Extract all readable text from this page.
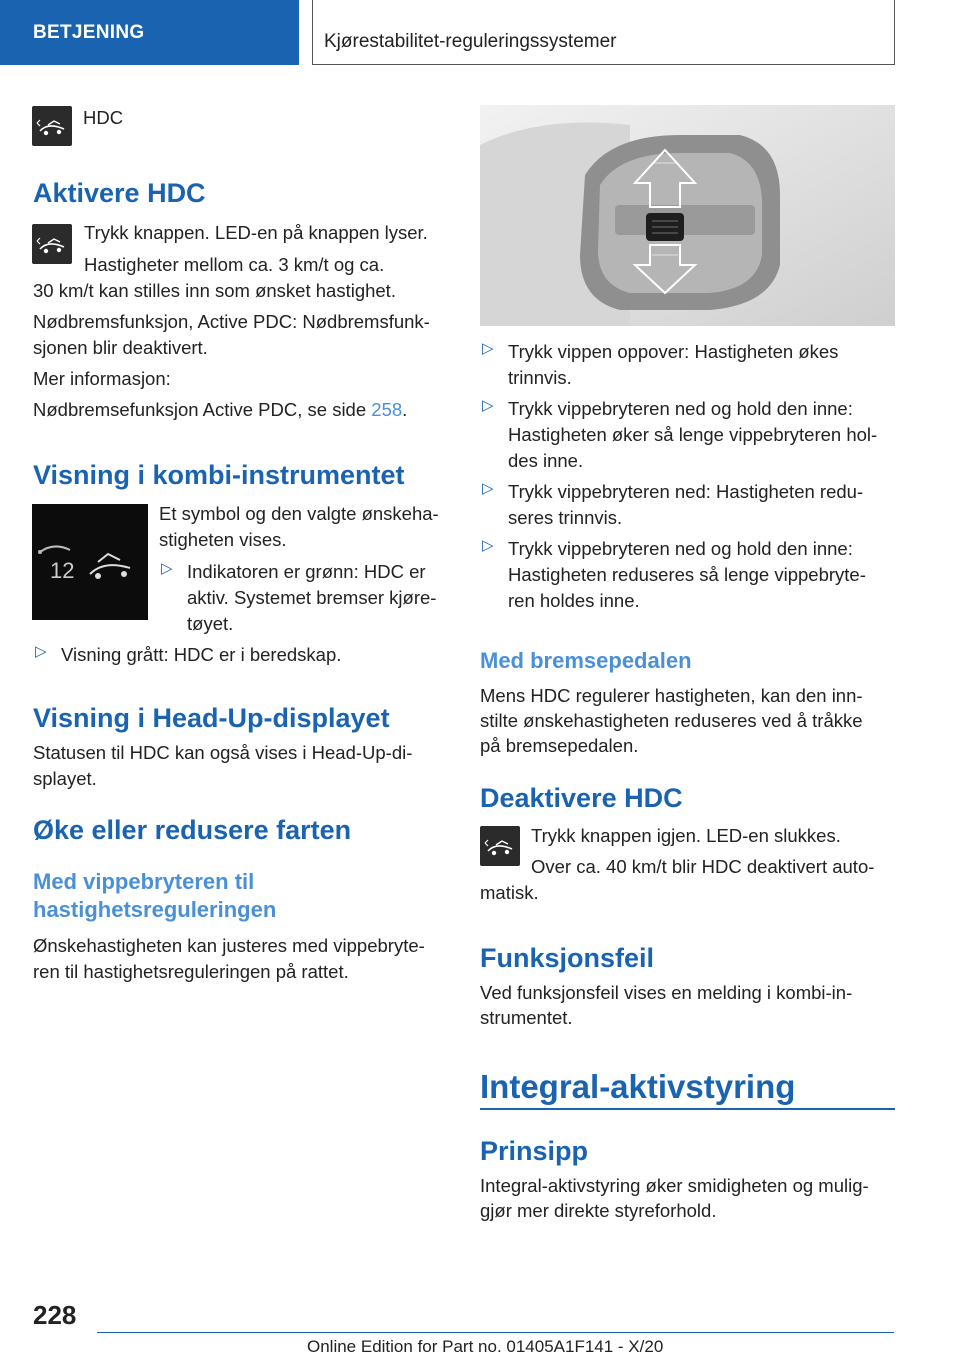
BETJENING	Kjørestabilitet-reguleringssystemer

HDC

Aktivere HDC

Trykk knappen. LED-en på knappen lyser.

Hastigheter mellom ca. 3 km/t og ca.

30 km/t kan stilles inn som ønsket hastighet.

Nødbremsfunksjon, Active PDC: Nødbremsfunk-

sjonen blir deaktivert.

Mer informasjon:

Nødbremsefunksjon Active PDC, se side 258.

Visning i kombi-instrumentet

12

Et symbol og den valgte ønskeha-

stigheten vises.

▷ Indikatoren er grønn: HDC er

aktiv. Systemet bremser kjøre-

tøyet.

▷ Visning grått: HDC er i beredskap.

Visning i Head-Up-displayet

Statusen til HDC kan også vises i Head-Up-di-

splayet.

Øke eller redusere farten

Med vippebryteren til

hastighetsreguleringen

Ønskehastigheten kan justeres med vippebryte-

ren til hastighetsreguleringen på rattet.

▷ Trykk vippen oppover: Hastigheten økes

trinnvis.

▷ Trykk vippebryteren ned og hold den inne:

Hastigheten øker så lenge vippebryteren hol-

des inne.

▷ Trykk vippebryteren ned: Hastigheten redu-

seres trinnvis.

▷ Trykk vippebryteren ned og hold den inne:

Hastigheten reduseres så lenge vippebryte-

ren holdes inne.

Med bremsepedalen

Mens HDC regulerer hastigheten, kan den inn-

stilte ønskehastigheten reduseres ved å tråkke

på bremsepedalen.

Deaktivere HDC

Trykk knappen igjen. LED-en slukkes.

Over ca. 40 km/t blir HDC deaktivert auto-

matisk.

Funksjonsfeil

Ved funksjonsfeil vises en melding i kombi-in-

strumentet.

Integral-aktivstyring

Prinsipp

Integral-aktivstyring øker smidigheten og mulig-

gjør mer direkte styreforhold.

228
Online Edition for Part no. 01405A1F141 - X/20
